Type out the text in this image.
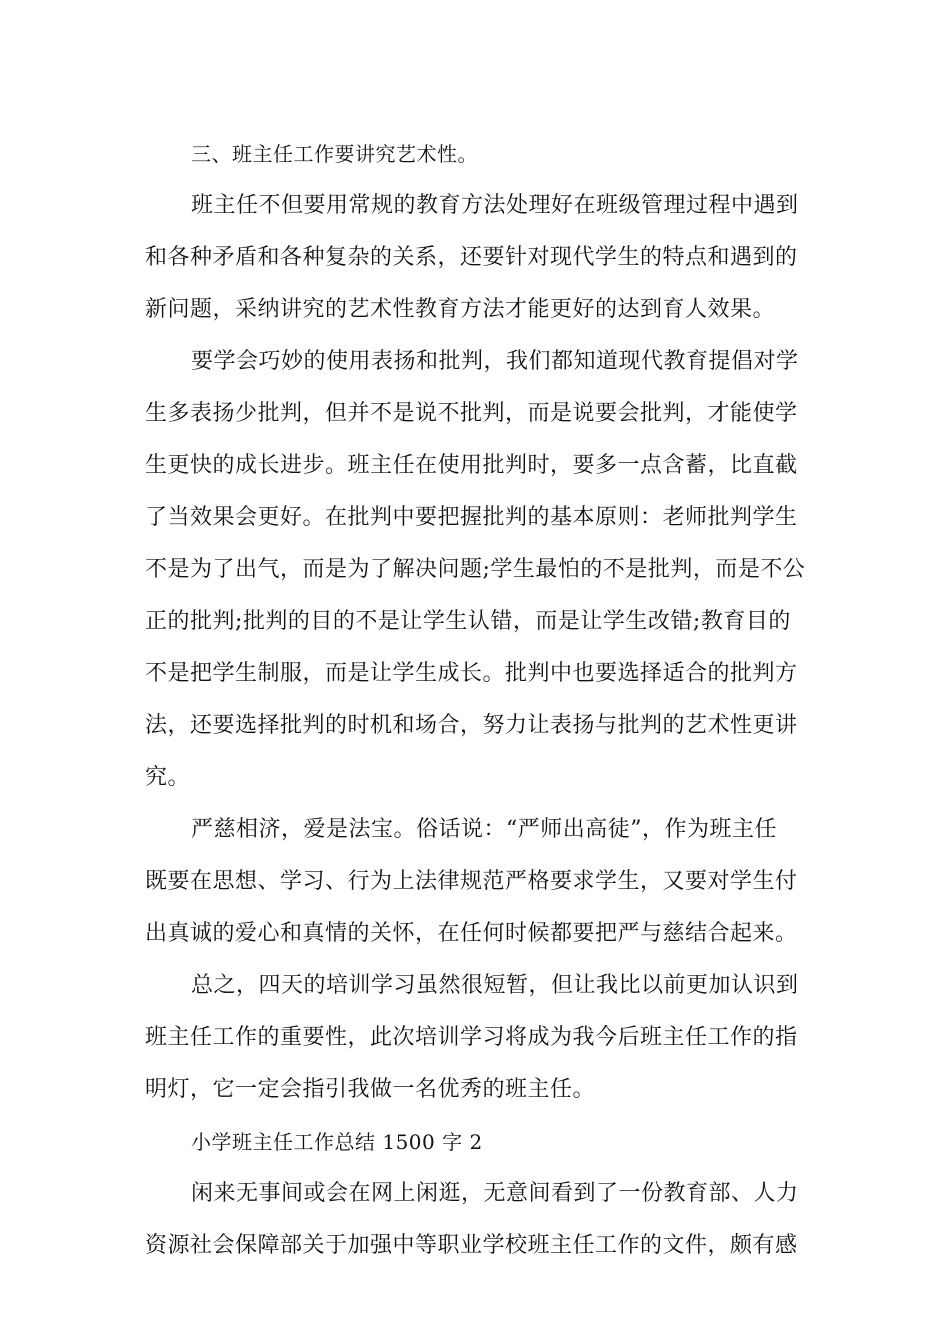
三、班主任工作要讲究艺术性。
班主任不但要用常规的教育方法处理好在班级管理过程中遇到
和各种矛盾和各种复杂的关系，还要针对现代学生的特点和遇到的
新问题，采纳讲究的艺术性教育方法才能更好的达到育人效果。
要学会巧妙的使用表扬和批判，我们都知道现代教育提倡对学
生多表扬少批判，但并不是说不批判，而是说要会批判，才能使学
生更快的成长进步。班主任在使用批判时，要多一点含蓄，比直截
了当效果会更好。在批判中要把握批判的基本原则：老师批判学生
不是为了出气，而是为了解决问题;学生最怕的不是批判，而是不公
正的批判;批判的目的不是让学生认错，而是让学生改错;教育目的
不是把学生制服，而是让学生成长。批判中也要选择适合的批判方
法，还要选择批判的时机和场合，努力让表扬与批判的艺术性更讲
究。
严慈相济，爱是法宝。俗话说：“严师出高徒”，作为班主任
既要在思想、学习、行为上法律规范严格要求学生，又要对学生付
出真诚的爱心和真情的关怀，在任何时候都要把严与慈结合起来。
总之，四天的培训学习虽然很短暂，但让我比以前更加认识到
班主任工作的重要性，此次培训学习将成为我今后班主任工作的指
明灯，它一定会指引我做一名优秀的班主任。
小学班主任工作总结 1500 字 2
闲来无事间或会在网上闲逛，无意间看到了一份教育部、人力
资源社会保障部关于加强中等职业学校班主任工作的文件，颇有感
